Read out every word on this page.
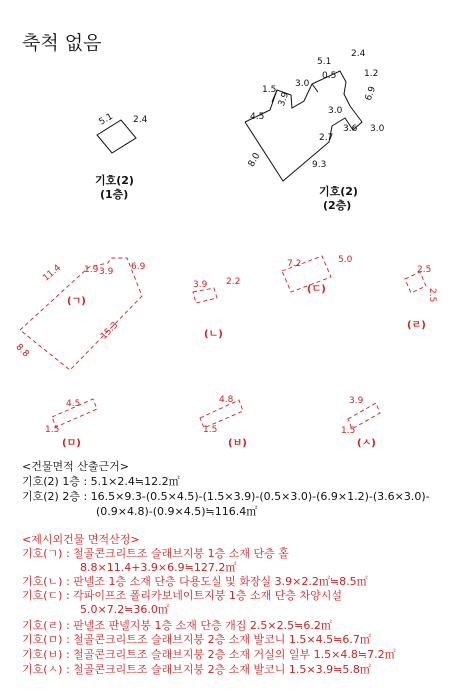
축척 없음
5.1 2.4
기호(2)
(1층)
1.5
3.9
3.0
5.1
0.5
2.4
1.2
6.9
4.5
3.0
3.6
2.7
3.0
8.0	9.3
기호(2)
(2층)
11.4 1.9 3.9 6.9
8.8
15.3
3.9 2.2
7.2	5.0
2.5
2.5
4.5
1.5
4.8
1.5
3.9
1.5
(ㄱ)
(ㄴ)
(ㄷ)
(ㄹ)
(ㅁ)	(ㅂ)	(ㅅ)
<건물면적 산출근거>
기호(2) 1층 : 5.1×2.4≒12.2㎡
기호(2) 2층 : 16.5×9.3-(0.5×4.5)-(1.5×3.9)-(0.5×3.0)-(6.9×1.2)-(3.6×3.0)-
(0.9×4.8)-(0.9×4.5)≒116.4㎡
<제시외건물 면적산정>
기호(ㄱ) : 철골콘크리트조 슬래브지붕 1층 소재 단층 홀
8.8×11.4+3.9×6.9≒127.2㎡
기호(ㄴ) : 판넬조 1층 소재 단층 다용도실 및 화장실 3.9×2.2㎡≒8.5㎡
기호(ㄷ) : 각파이프조 폴리카보네이트지붕 1층 소재 단층 차양시설
5.0×7.2≒36.0㎡
기호(ㄹ) : 판넬조 판넬지붕 1층 소재 단층 개집 2.5×2.5≒6.2㎡
기호(ㅁ) : 철골콘크리트조 슬래브지붕 2층 소재 발코니 1.5×4.5≒6.7㎡
기호(ㅂ) : 철골콘크리트조 슬래브지붕 2층 소재 거실의 일부 1.5×4.8≒7.2㎡
기호(ㅅ) : 철골콘크리트조 슬래브지붕 2층 소재 발코니 1.5×3.9≒5.8㎡
